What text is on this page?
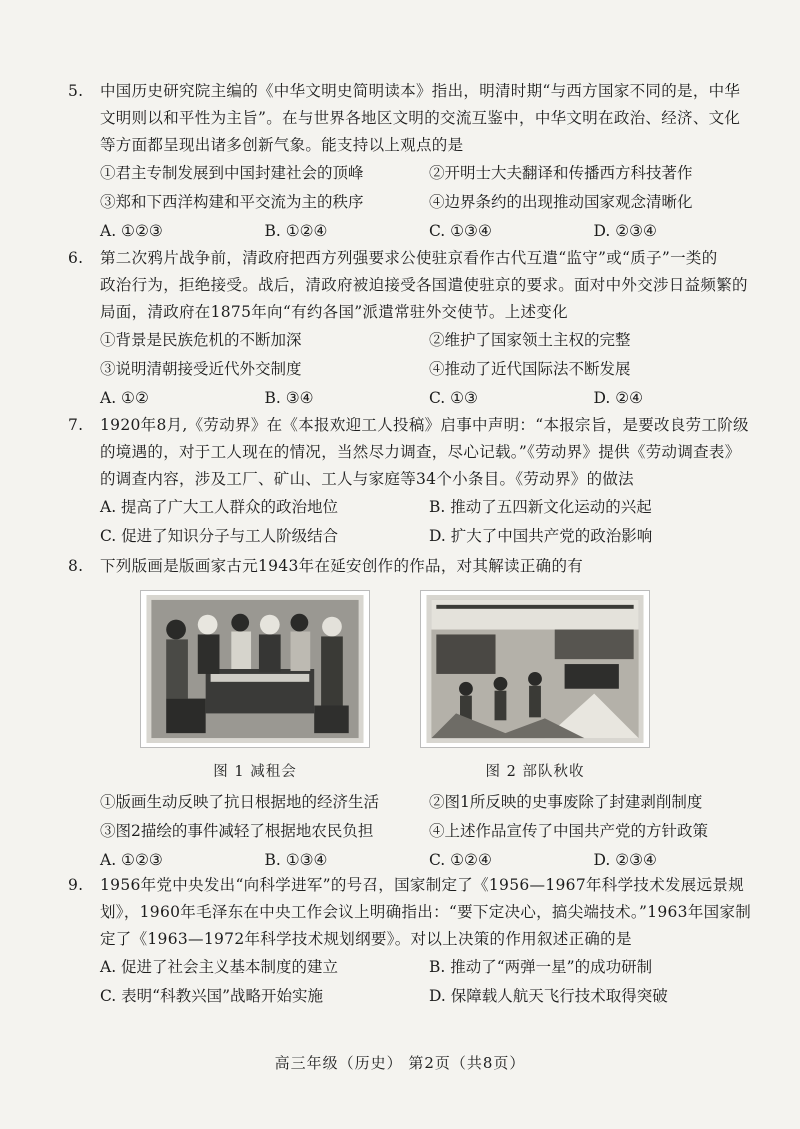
5. 中国历史研究院主编的《中华文明史简明读本》指出，明清时期“与西方国家不同的是，中华
文明则以和平性为主旨”。在与世界各地区文明的交流互鉴中，中华文明在政治、经济、文化
等方面都呈现出诸多创新气象。能支持以上观点的是
①君主专制发展到中国封建社会的顶峰	②开明士大夫翻译和传播西方科技著作
③郑和下西洋构建和平交流为主的秩序	④边界条约的出现推动国家观念清晰化
A. ①②③	B. ①②④	C. ①③④	D. ②③④
6. 第二次鸦片战争前，清政府把西方列强要求公使驻京看作古代互遣“监守”或“质子”一类的
政治行为，拒绝接受。战后，清政府被迫接受各国遣使驻京的要求。面对中外交涉日益频繁的
局面，清政府在1875年向“有约各国”派遣常驻外交使节。上述变化
①背景是民族危机的不断加深	②维护了国家领土主权的完整
③说明清朝接受近代外交制度	④推动了近代国际法不断发展
A. ①②	B. ③④	C. ①③	D. ②④
7. 1920年8月,《劳动界》在《本报欢迎工人投稿》启事中声明：“本报宗旨，是要改良劳工阶级
的境遇的，对于工人现在的情况，当然尽力调查，尽心记载。”《劳动界》提供《劳动调查表》
的调查内容，涉及工厂、矿山、工人与家庭等34个小条目。《劳动界》的做法
A. 提高了广大工人群众的政治地位	B. 推动了五四新文化运动的兴起
C. 促进了知识分子与工人阶级结合	D. 扩大了中国共产党的政治影响
8. 下列版画是版画家古元1943年在延安创作的作品，对其解读正确的有
图 1 减租会	图 2 部队秋收
①版画生动反映了抗日根据地的经济生活	②图1所反映的史事废除了封建剥削制度
③图2描绘的事件减轻了根据地农民负担	④上述作品宣传了中国共产党的方针政策
A. ①②③	B. ①③④	C. ①②④	D. ②③④
9. 1956年党中央发出“向科学进军”的号召，国家制定了《1956—1967年科学技术发展远景规
划》，1960年毛泽东在中央工作会议上明确指出：“要下定决心，搞尖端技术。”1963年国家制
定了《1963—1972年科学技术规划纲要》。对以上决策的作用叙述正确的是
A. 促进了社会主义基本制度的建立	B. 推动了“两弹一星”的成功研制
C. 表明“科教兴国”战略开始实施	D. 保障载人航天飞行技术取得突破
高三年级（历史） 第2页（共8页）
